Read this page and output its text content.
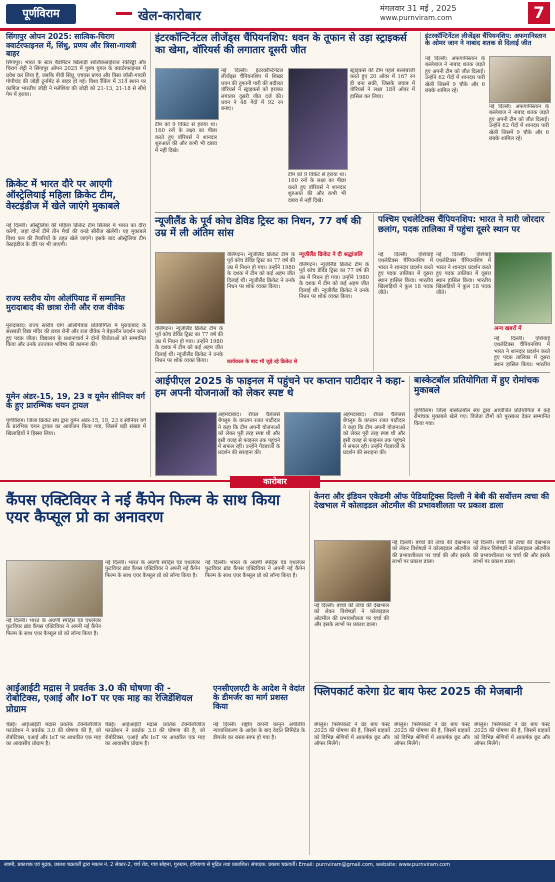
पूर्णविराम	खेल-कारोबार
मंगलवार 31 मई , 2025
www.purnviram.com	7
सिंगापुर ओपन 2025: सात्विक-चिराग क्वार्टरफाइनल में, सिंधु, प्रणय और त्रिसा-गायत्री बाहर
सिंगापुर। भारत के स्टार बैडमिंटन खिलाड़ी सात्विकसाईराज रंकीरेड्डी और चिराग शेट्टी ने सिंगापुर ओपन 2025 में पुरुष युगल के क्वार्टरफाइनल में प्रवेश कर लिया है, जबकि पीवी सिंधु, एचएस प्रणय और त्रिसा जॉली-गायत्री गोपीचंद की जोड़ी टूर्नामेंट से बाहर हो गई। विश्व रैंकिंग में 31वें स्थान पर काबिज भारतीय जोड़ी ने मलेशिया की जोड़ी को 21-13, 21-18 से सीधे गेम में हराया।
क्रिकेट में भारत दौरे पर आएगी ऑस्ट्रेलियाई महिला क्रिकेट टीम, वेस्टइंडीज में खेले जाएंगे मुकाबले
नई दिल्ली। ऑस्ट्रेलिया की महिला क्रिकेट टीम सितंबर में भारत का दौरा करेगी, जहां दोनों टीमें तीन मैचों की वनडे सीरीज खेलेंगी। यह मुकाबले विश्व कप की तैयारियों के तहत खेले जाएंगे। इसके बाद ऑस्ट्रेलिया टीम वेस्टइंडीज के दौरे पर भी जाएगी।
राज्य स्तरीय योग ओलंपियाड में सम्मानित मुरादाबाद की छात्रा रोनी और राज वीवेक
मुरादाबाद। राज्य स्तरीय योग ओलंपियाड प्रतियोगिता में मुरादाबाद के सरस्वती विद्या मंदिर की छात्रा रोनी और राज वीवेक ने बेहतरीन प्रदर्शन करते हुए पदक जीता। विद्यालय के प्रधानाचार्य ने दोनों विजेताओं को सम्मानित किया और उनके उज्ज्वल भविष्य की कामना की।
यूमेन अंडर-15, 19, 23 व यूमेन सीनियर वर्ग के हुए प्रारम्भिक चयन ट्रायल
पूर्णविराम। जिला क्रिकेट संघ द्वारा यूमेन अंडर-15, 19, 23 व सीनियर वर्ग के प्रारंभिक चयन ट्रायल का आयोजन किया गया, जिसमें बड़ी संख्या में खिलाड़ियों ने हिस्सा लिया।
इंटरकॉन्टिनेंटल लीजेंड्स चैंपियनशिप: धवन के तूफान से उड़ा स्ट्राइकर्स का खेमा, वॉरियर्स की लगातार दूसरी जीत
नई दिल्ली। इंटरकॉन्टिनेंटल लीजेंड्स चैंपियनशिप में शिखर धवन की तूफानी पारी की बदौलत वॉरियर्स ने स्ट्राइकर्स को हराकर लगातार दूसरी जीत दर्ज की। धवन ने 48 गेंदों में 92 रन बनाए।
स्ट्राइकर्स की टीम पहले बल्लेबाजी करते हुए 20 ओवर में 167 रन ही बना सकी, जिसके जवाब में वॉरियर्स ने लक्ष्य 18वें ओवर में हासिल कर लिया।
टीम को 9 विकेट से हराया था। 160 रनों के लक्ष्य का पीछा करते हुए वॉरियर्स ने शानदार शुरुआत की और कभी भी दबाव में नहीं दिखे।
टीम को 9 विकेट से हराया था। 160 रनों के लक्ष्य का पीछा करते हुए वॉरियर्स ने शानदार शुरुआत की और कभी भी दबाव में नहीं दिखे।
इंटरकॉन्टिनेंटल लीजेंड्स चैंपियनशिप: अफगानिस्तान के ओमर जान ने नाबाद शतक से दिलाई जीत
नई दिल्ली। अफगानिस्तान के बल्लेबाज ने नाबाद शतक जड़ते हुए अपनी टीम को जीत दिलाई। उन्होंने 62 गेंदों में शानदार पारी खेली जिसमें 9 चौके और 6 छक्के शामिल रहे।
नई दिल्ली। अफगानिस्तान के बल्लेबाज ने नाबाद शतक जड़ते हुए अपनी टीम को जीत दिलाई। उन्होंने 62 गेंदों में शानदार पारी खेली जिसमें 9 चौके और 6 छक्के शामिल रहे।
न्यूजीलैंड के पूर्व कोच डेविड ट्रिस्ट का निधन, 77 वर्ष की उम्र में ली अंतिम सांस
वेलिंगटन। न्यूजीलैंड क्रिकेट टीम के पूर्व कोच डेविड ट्रिस्ट का 77 वर्ष की उम्र में निधन हो गया। उन्होंने 1980 के दशक में टीम को कई अहम जीत दिलाई थीं। न्यूजीलैंड क्रिकेट ने उनके निधन पर शोक व्यक्त किया।
न्यूजीलैंड क्रिकेट ने दी श्रद्धांजलि
वेलिंगटन। न्यूजीलैंड क्रिकेट टीम के पूर्व कोच डेविड ट्रिस्ट का 77 वर्ष की उम्र में निधन हो गया। उन्होंने 1980 के दशक में टीम को कई अहम जीत दिलाई थीं। न्यूजीलैंड क्रिकेट ने उनके निधन पर शोक व्यक्त किया।
वेलिंगटन। न्यूजीलैंड क्रिकेट टीम के पूर्व कोच डेविड ट्रिस्ट का 77 वर्ष की उम्र में निधन हो गया। उन्होंने 1980 के दशक में टीम को कई अहम जीत दिलाई थीं। न्यूजीलैंड क्रिकेट ने उनके निधन पर शोक व्यक्त किया।	कार्यकाल के बाद भी जुड़े रहे क्रिकेट से
पश्चिम एथलेटिक्स चैंपियनशिप: भारत ने मारी जोरदार छलांग, पदक तालिका में पहुंचा दूसरे स्थान पर
नई दिल्ली। एशियाई एथलेटिक्स चैंपियनशिप में भारत ने शानदार प्रदर्शन करते हुए पदक तालिका में दूसरा स्थान हासिल किया। भारतीय खिलाड़ियों ने कुल 18 पदक जीते।
नई दिल्ली। एशियाई एथलेटिक्स चैंपियनशिप में भारत ने शानदार प्रदर्शन करते हुए पदक तालिका में दूसरा स्थान हासिल किया। भारतीय खिलाड़ियों ने कुल 18 पदक जीते।
अन्य खबरों में
नई दिल्ली। एशियाई एथलेटिक्स चैंपियनशिप में भारत ने शानदार प्रदर्शन करते हुए पदक तालिका में दूसरा स्थान हासिल किया। भारतीय
आईपीएल 2025 के फाइनल में पहुंचने पर कप्तान पाटीदार ने कहा-हम अपनी योजनाओं को लेकर स्पष्ट थे
अहमदाबाद। रॉयल चैलेंजर्स बेंगलुरु के कप्तान रजत पाटीदार ने कहा कि टीम अपनी योजनाओं को लेकर पूरी तरह स्पष्ट थी और इसी वजह से फाइनल तक पहुंचने में सफल रही। उन्होंने गेंदबाजों के प्रदर्शन की सराहना की।
अहमदाबाद। रॉयल चैलेंजर्स बेंगलुरु के कप्तान रजत पाटीदार ने कहा कि टीम अपनी योजनाओं को लेकर पूरी तरह स्पष्ट थी और इसी वजह से फाइनल तक पहुंचने में सफल रही। उन्होंने गेंदबाजों के प्रदर्शन की सराहना की।
बास्केटबॉल प्रतियोगिता में हुए रोमांचक मुकाबले
पूर्णविराम। जिला बास्केटबॉल संघ द्वारा आयोजित प्रतियोगिता में कई रोमांचक मुकाबले खेले गए। विजेता टीमों को पुरस्कार देकर सम्मानित किया गया।
कारोबार
कैंपस एक्टिवियर ने नई कैंपेन फिल्म के साथ किया एयर कैप्सूल प्रो का अनावरण
नई दिल्ली। भारत के अग्रणी स्पोर्ट्स एंड एथलेजर फुटवियर ब्रांड कैंपस एक्टिवियर ने अपनी नई कैंपेन फिल्म के साथ एयर कैप्सूल प्रो को लॉन्च किया है।
नई दिल्ली। भारत के अग्रणी स्पोर्ट्स एंड एथलेजर फुटवियर ब्रांड कैंपस एक्टिवियर ने अपनी नई कैंपेन फिल्म के साथ एयर कैप्सूल प्रो को लॉन्च किया है।
नई दिल्ली। भारत के अग्रणी स्पोर्ट्स एंड एथलेजर फुटवियर ब्रांड कैंपस एक्टिवियर ने अपनी नई कैंपेन फिल्म के साथ एयर कैप्सूल प्रो को लॉन्च किया है।
आईआईटी मद्रास ने प्रवर्तक 3.0 की घोषणा की - रोबोटिक्स, एआई और IoT पर एक माह का रेजिडेंशियल प्रोग्राम
चेन्नई। आईआईटी मद्रास प्रवर्तक टेक्नोलॉजीज फाउंडेशन ने प्रवर्तक 3.0 की घोषणा की है, जो रोबोटिक्स, एआई और IoT पर आधारित एक माह का आवासीय प्रोग्राम है।
चेन्नई। आईआईटी मद्रास प्रवर्तक टेक्नोलॉजीज फाउंडेशन ने प्रवर्तक 3.0 की घोषणा की है, जो रोबोटिक्स, एआई और IoT पर आधारित एक माह का आवासीय प्रोग्राम है।
एनसीएलएटी के आदेश ने वेदांत के डीमर्जर का मार्ग प्रशस्त किया
नई दिल्ली। राष्ट्रीय कंपनी कानून अपीलीय न्यायाधिकरण के आदेश के बाद वेदांत लिमिटेड के डीमर्जर का रास्ता साफ हो गया है।
केनरा और इंडियन एकेडमी ऑफ पेडियाट्रिक्स दिल्ली ने बेबी की सर्वोत्तम त्वचा की देखभाल में कोलाइडल ओटमील की प्रभावशीलता पर प्रकाश डाला
नई दिल्ली। बच्चों की त्वचा की देखभाल को लेकर विशेषज्ञों ने कोलाइडल ओटमील की प्रभावशीलता पर चर्चा की और इसके लाभों पर प्रकाश डाला।
नई दिल्ली। बच्चों की त्वचा की देखभाल को लेकर विशेषज्ञों ने कोलाइडल ओटमील की प्रभावशीलता पर चर्चा की और इसके लाभों पर प्रकाश डाला।
नई दिल्ली। बच्चों की त्वचा की देखभाल को लेकर विशेषज्ञों ने कोलाइडल ओटमील की प्रभावशीलता पर चर्चा की और इसके लाभों पर प्रकाश डाला।
फ्लिपकार्ट करेगा ग्रेट बाय फेस्ट 2025 की मेजबानी
बेंगलुरु। फ्लिपकार्ट ने ग्रेट बाय फेस्ट 2025 की घोषणा की है, जिसमें ग्राहकों को विभिन्न श्रेणियों में आकर्षक छूट और ऑफर मिलेंगे।
बेंगलुरु। फ्लिपकार्ट ने ग्रेट बाय फेस्ट 2025 की घोषणा की है, जिसमें ग्राहकों को विभिन्न श्रेणियों में आकर्षक छूट और ऑफर मिलेंगे।
बेंगलुरु। फ्लिपकार्ट ने ग्रेट बाय फेस्ट 2025 की घोषणा की है, जिसमें ग्राहकों को विभिन्न श्रेणियों में आकर्षक छूट और ऑफर मिलेंगे।
स्वामी, प्रकाशक एवं मुद्रक, प्रकाश चक्रवर्ती द्वारा मकान नं. 2 सेक्टर-2, चर्च रोड, गांव सोहना, गुरुग्राम, हरियाणा से मुद्रित तथा प्रकाशित। संपादक: प्रकाश चक्रवर्ती। Email: purnviram@gmail.com, website: www.purnviram.com
